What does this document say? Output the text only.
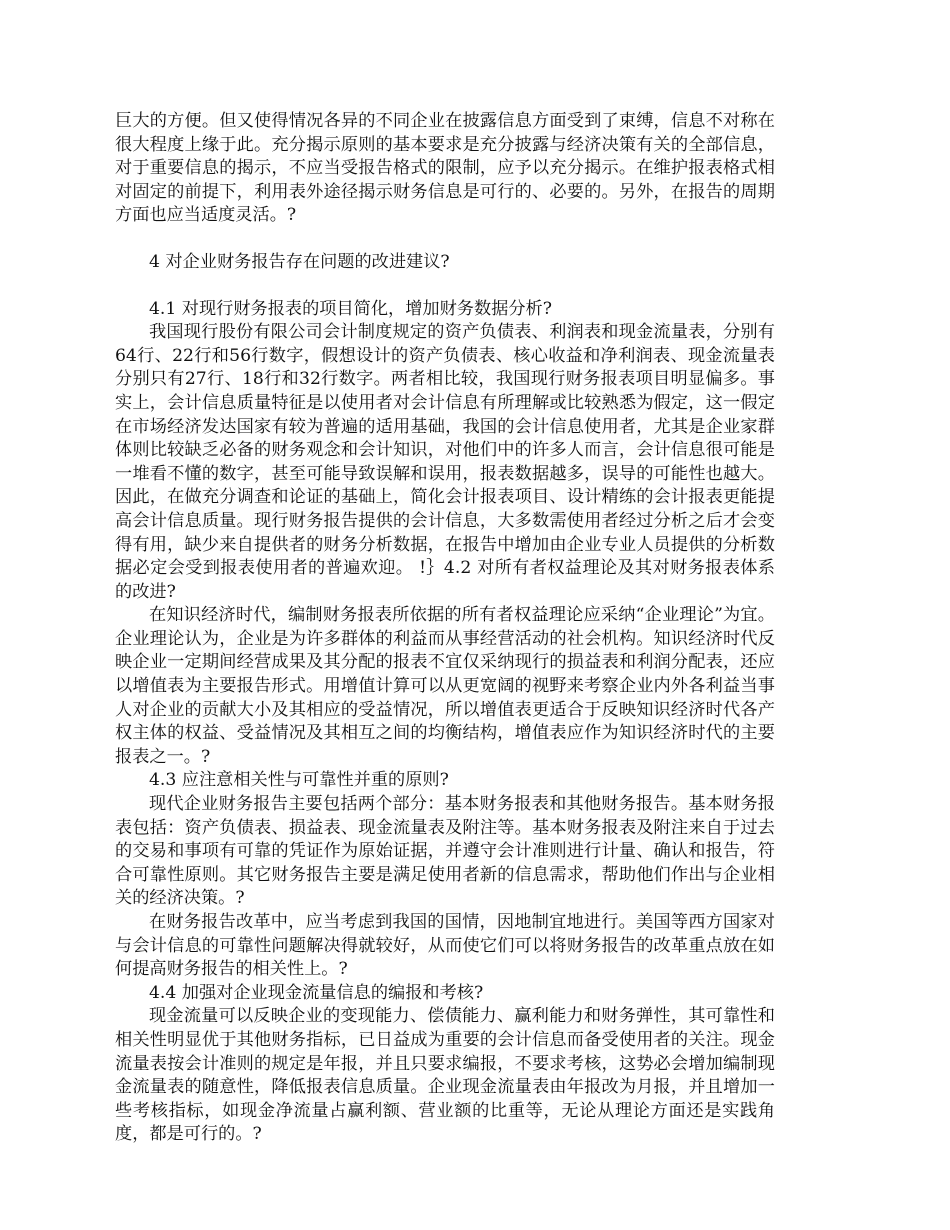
巨大的方便。但又使得情况各异的不同企业在披露信息方面受到了束缚，信息不对称在很大程度上缘于此。充分揭示原则的基本要求是充分披露与经济决策有关的全部信息，对于重要信息的揭示，不应当受报告格式的限制，应予以充分揭示。在维护报表格式相对固定的前提下，利用表外途径揭示财务信息是可行的、必要的。另外，在报告的周期方面也应当适度灵活。?

4 对企业财务报告存在问题的改进建议?

4.1 对现行财务报表的项目简化，增加财务数据分析?

我国现行股份有限公司会计制度规定的资产负债表、利润表和现金流量表，分别有64行、22行和56行数字，假想设计的资产负债表、核心收益和净利润表、现金流量表分别只有27行、18行和32行数字。两者相比较，我国现行财务报表项目明显偏多。事实上，会计信息质量特征是以使用者对会计信息有所理解或比较熟悉为假定，这一假定在市场经济发达国家有较为普遍的适用基础，我国的会计信息使用者，尤其是企业家群体则比较缺乏必备的财务观念和会计知识，对他们中的许多人而言，会计信息很可能是一堆看不懂的数字，甚至可能导致误解和误用，报表数据越多，误导的可能性也越大。因此，在做充分调查和论证的基础上，简化会计报表项目、设计精练的会计报表更能提高会计信息质量。现行财务报告提供的会计信息，大多数需使用者经过分析之后才会变得有用，缺少来自提供者的财务分析数据，在报告中增加由企业专业人员提供的分析数据必定会受到报表使用者的普遍欢迎。 !｝4.2 对所有者权益理论及其对财务报表体系的改进?

在知识经济时代，编制财务报表所依据的所有者权益理论应采纳“企业理论”为宜。企业理论认为，企业是为许多群体的利益而从事经营活动的社会机构。知识经济时代反映企业一定期间经营成果及其分配的报表不宜仅采纳现行的损益表和利润分配表，还应以增值表为主要报告形式。用增值计算可以从更宽阔的视野来考察企业内外各利益当事人对企业的贡献大小及其相应的受益情况，所以增值表更适合于反映知识经济时代各产权主体的权益、受益情况及其相互之间的均衡结构，增值表应作为知识经济时代的主要报表之一。?

4.3 应注意相关性与可靠性并重的原则?

现代企业财务报告主要包括两个部分：基本财务报表和其他财务报告。基本财务报表包括：资产负债表、损益表、现金流量表及附注等。基本财务报表及附注来自于过去的交易和事项有可靠的凭证作为原始证据，并遵守会计准则进行计量、确认和报告，符合可靠性原则。其它财务报告主要是满足使用者新的信息需求，帮助他们作出与企业相关的经济决策。?

在财务报告改革中，应当考虑到我国的国情，因地制宜地进行。美国等西方国家对与会计信息的可靠性问题解决得就较好，从而使它们可以将财务报告的改革重点放在如何提高财务报告的相关性上。?

4.4 加强对企业现金流量信息的编报和考核?

现金流量可以反映企业的变现能力、偿债能力、赢利能力和财务弹性，其可靠性和相关性明显优于其他财务指标，已日益成为重要的会计信息而备受使用者的关注。现金流量表按会计准则的规定是年报，并且只要求编报，不要求考核，这势必会增加编制现金流量表的随意性，降低报表信息质量。企业现金流量表由年报改为月报，并且增加一些考核指标，如现金净流量占赢利额、营业额的比重等，无论从理论方面还是实践角度，都是可行的。?
